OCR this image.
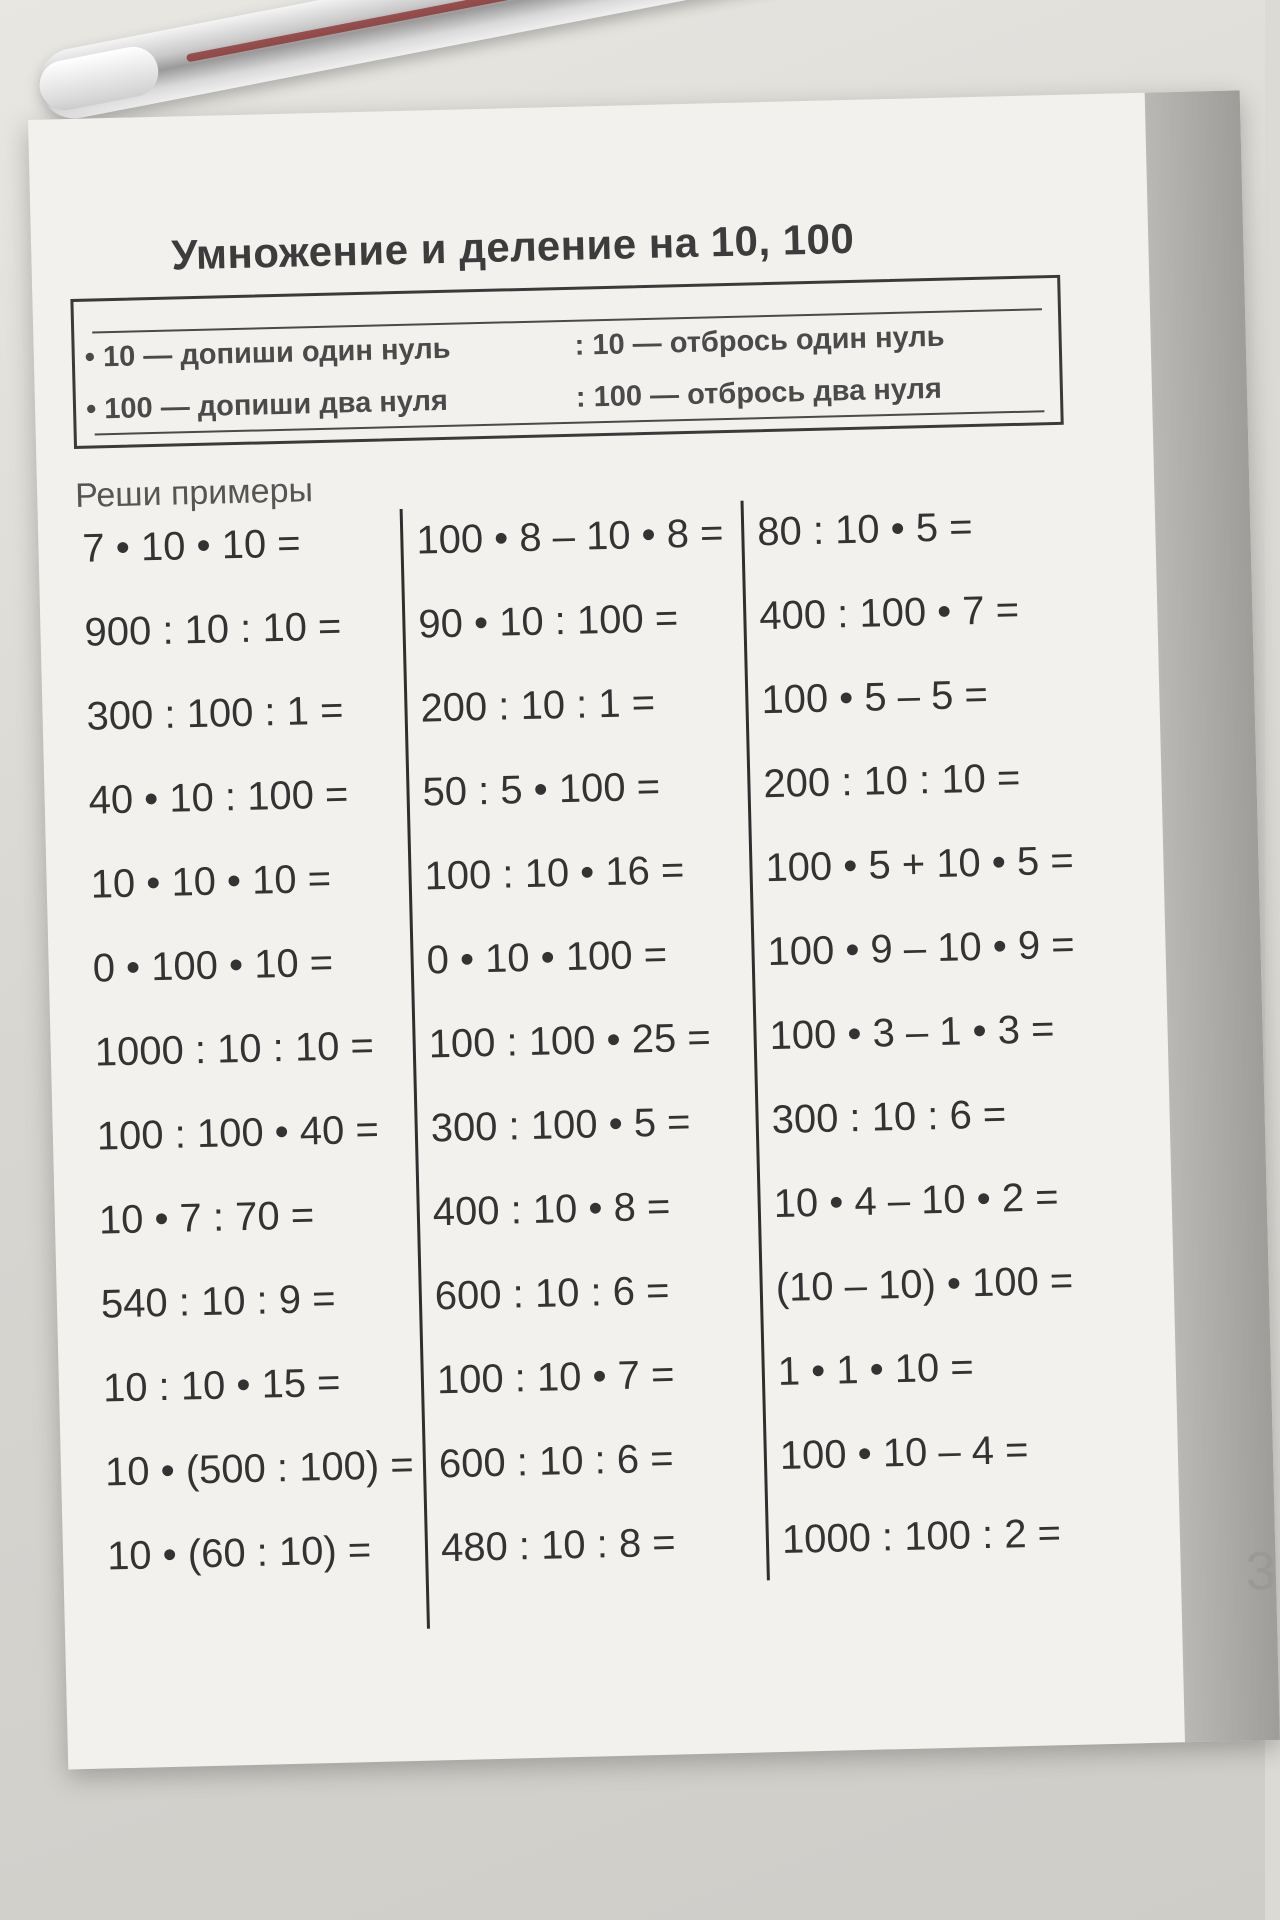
3
Умножение и деление на 10, 100
• 10 — допиши один нуль
• 100 — допиши два нуля
: 10 — отбрось один нуль
: 100 — отбрось два нуля
Реши примеры
7 • 10 • 10 =
900 : 10 : 10 =
300 : 100 : 1 =
40 • 10 : 100 =
10 • 10 • 10 =
0 • 100 • 10 =
1000 : 10 : 10 =
100 : 100 • 40 =
10 • 7 : 70 =
540 : 10 : 9 =
10 : 10 • 15 =
10 • (500 : 100) =
10 • (60 : 10) =
100 • 8 – 10 • 8 =
90 • 10 : 100 =
200 : 10 : 1 =
50 : 5 • 100 =
100 : 10 • 16 =
0 • 10 • 100 =
100 : 100 • 25 =
300 : 100 • 5 =
400 : 10 • 8 =
600 : 10 : 6 =
100 : 10 • 7 =
600 : 10 : 6 =
480 : 10 : 8 =
80 : 10 • 5 =
400 : 100 • 7 =
100 • 5 – 5 =
200 : 10 : 10 =
100 • 5 + 10 • 5 =
100 • 9 – 10 • 9 =
100 • 3 – 1 • 3 =
300 : 10 : 6 =
10 • 4 – 10 • 2 =
(10 – 10) • 100 =
1 • 1 • 10 =
100 • 10 – 4 =
1000 : 100 : 2 =
